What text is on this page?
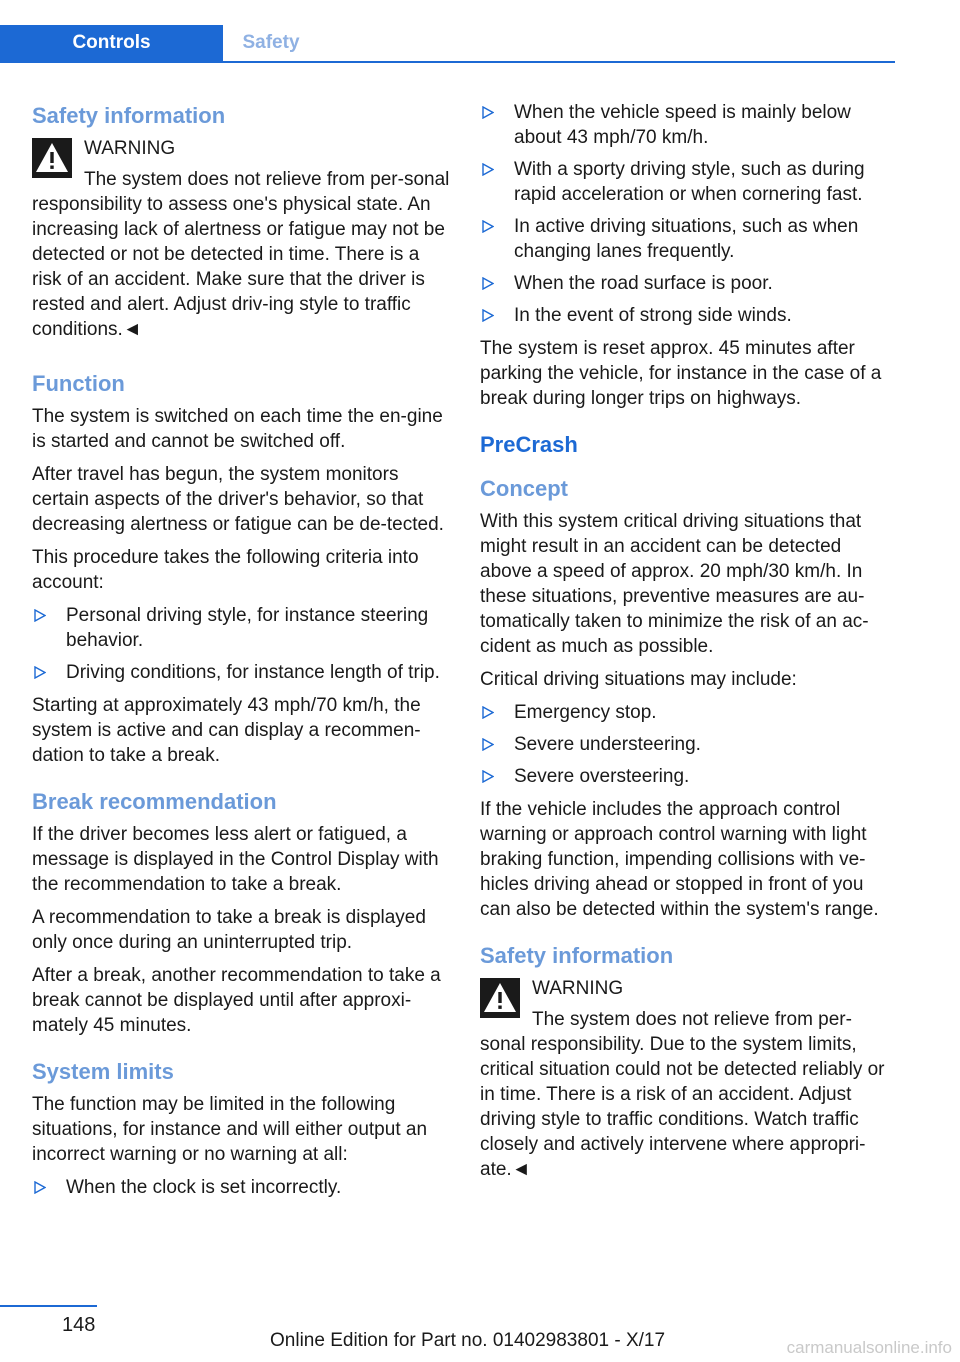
Controls	Safety
Safety information
WARNING
The system does not relieve from per-sonal responsibility to assess one's physical state. An increasing lack of alertness or fatigue may not be detected or not be detected in time. There is a risk of an accident. Make sure that the driver is rested and alert. Adjust driv-ing style to traffic conditions.◄
Function

The system is switched on each time the en-gine is started and cannot be switched off.

After travel has begun, the system monitors certain aspects of the driver's behavior, so that decreasing alertness or fatigue can be de-tected.

This procedure takes the following criteria into account:

Personal driving style, for instance steering behavior.
Driving conditions, for instance length of trip.

Starting at approximately 43 mph/70 km/h, the system is active and can display a recommen-dation to take a break.

Break recommendation

If the driver becomes less alert or fatigued, a message is displayed in the Control Display with the recommendation to take a break.

A recommendation to take a break is displayed only once during an uninterrupted trip.

After a break, another recommendation to take a break cannot be displayed until after approxi-mately 45 minutes.

System limits

The function may be limited in the following situations, for instance and will either output an incorrect warning or no warning at all:

When the clock is set incorrectly.
When the vehicle speed is mainly below about 43 mph/70 km/h.
With a sporty driving style, such as during rapid acceleration or when cornering fast.
In active driving situations, such as when changing lanes frequently.
When the road surface is poor.
In the event of strong side winds.

The system is reset approx. 45 minutes after parking the vehicle, for instance in the case of a break during longer trips on highways.

PreCrash
Concept

With this system critical driving situations that might result in an accident can be detected above a speed of approx. 20 mph/30 km/h. In these situations, preventive measures are au-tomatically taken to minimize the risk of an ac-cident as much as possible.

Critical driving situations may include:

Emergency stop.
Severe understeering.
Severe oversteering.

If the vehicle includes the approach control warning or approach control warning with light braking function, impending collisions with ve-hicles driving ahead or stopped in front of you can also be detected within the system's range.

Safety information
WARNING
The system does not relieve from per-sonal responsibility. Due to the system limits, critical situation could not be detected reliably or in time. There is a risk of an accident. Adjust driving style to traffic conditions. Watch traffic closely and actively intervene where appropri-ate.◄
148
Online Edition for Part no. 01402983801 - X/17	carmanualsonline.info
